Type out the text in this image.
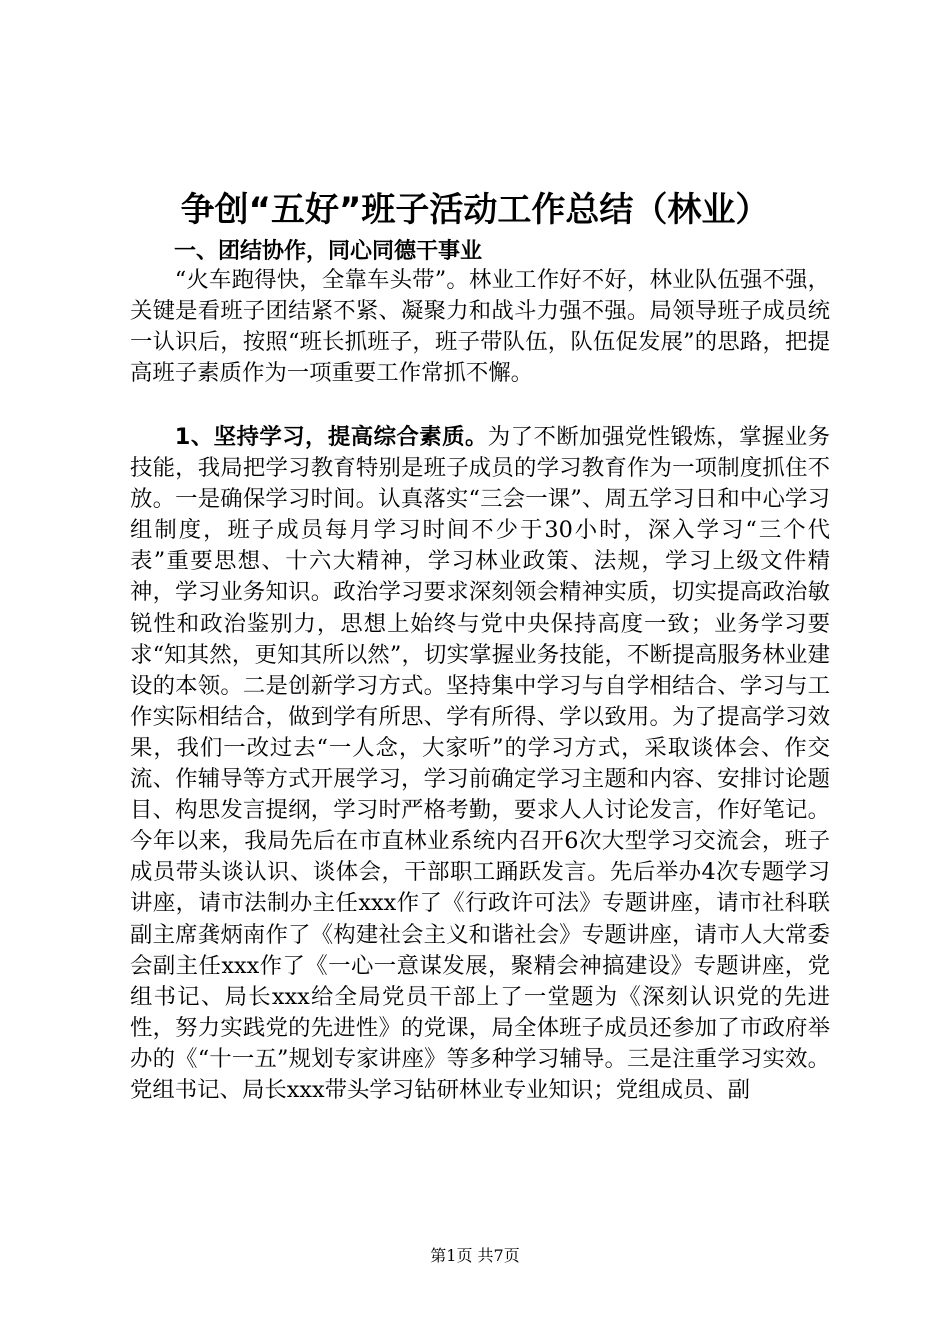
争创“五好”班子活动工作总结（林业）
一、团结协作，同心同德干事业

“火车跑得快，全靠车头带”。林业工作好不好，林业队伍强不强，关键是看班子团结紧不紧、凝聚力和战斗力强不强。局领导班子成员统一认识后，按照“班长抓班子，班子带队伍，队伍促发展”的思路，把提高班子素质作为一项重要工作常抓不懈。

1、坚持学习，提高综合素质。为了不断加强党性锻炼，掌握业务技能，我局把学习教育特别是班子成员的学习教育作为一项制度抓住不放。一是确保学习时间。认真落实“三会一课”、周五学习日和中心学习组制度，班子成员每月学习时间不少于30小时，深入学习“三个代表”重要思想、十六大精神，学习林业政策、法规，学习上级文件精神，学习业务知识。政治学习要求深刻领会精神实质，切实提高政治敏锐性和政治鉴别力，思想上始终与党中央保持高度一致；业务学习要求“知其然，更知其所以然”，切实掌握业务技能，不断提高服务林业建设的本领。二是创新学习方式。坚持集中学习与自学相结合、学习与工作实际相结合，做到学有所思、学有所得、学以致用。为了提高学习效果，我们一改过去“一人念，大家听”的学习方式，采取谈体会、作交流、作辅导等方式开展学习，学习前确定学习主题和内容、安排讨论题目、构思发言提纲，学习时严格考勤，要求人人讨论发言，作好笔记。今年以来，我局先后在市直林业系统内召开6次大型学习交流会，班子成员带头谈认识、谈体会，干部职工踊跃发言。先后举办4次专题学习讲座，请市法制办主任xxx作了《行政许可法》专题讲座，请市社科联副主席龚炳南作了《构建社会主义和谐社会》专题讲座，请市人大常委会副主任xxx作了《一心一意谋发展，聚精会神搞建设》专题讲座，党组书记、局长xxx给全局党员干部上了一堂题为《深刻认识党的先进性，努力实践党的先进性》的党课，局全体班子成员还参加了市政府举办的《“十一五”规划专家讲座》等多种学习辅导。三是注重学习实效。党组书记、局长xxx带头学习钻研林业专业知识；党组成员、副

第1页 共7页
